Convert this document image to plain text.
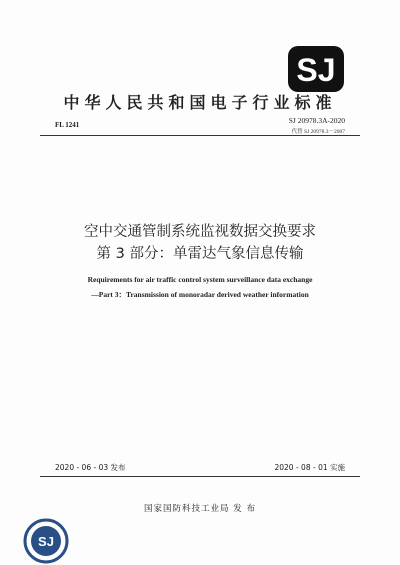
SJ
中华人民共和国电子行业标准
FL 1241	SJ 20978.3A-2020
代替 SJ 20978.3－2007
空中交通管制系统监视数据交换要求
第 3 部分：单雷达气象信息传输
Requirements for air traffic control system surveillance data exchange
—Part 3：Transmission of monoradar derived weather information
2020 - 06 - 03 发布	2020 - 08 - 01 实施
国家国防科技工业局 发 布
SJ
